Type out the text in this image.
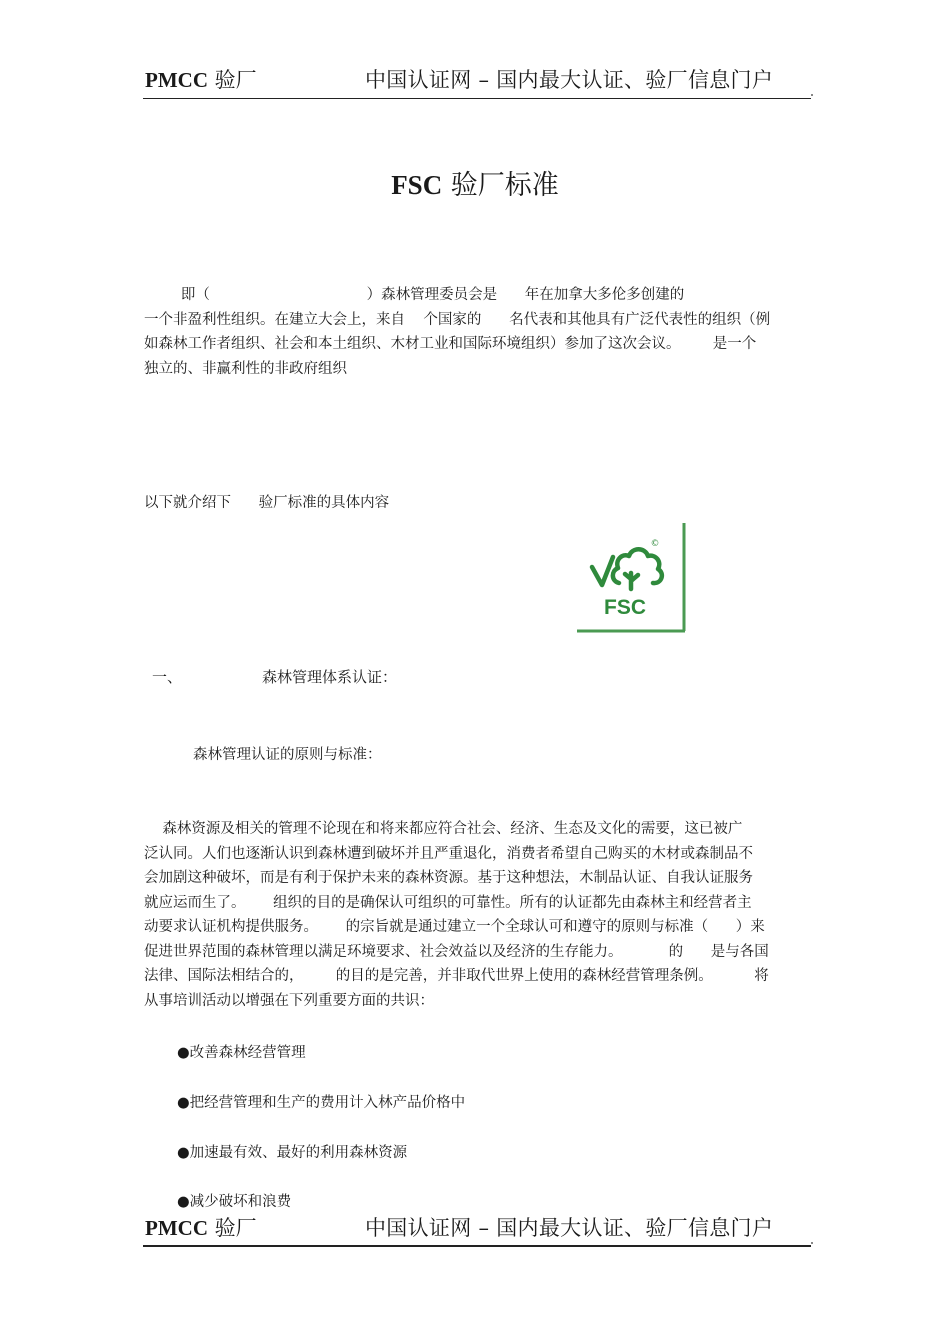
PMCC 验厂	中国认证网 – 国内最大认证、验厂信息门户
FSC 验厂标准
即（                                  ）森林管理委员会是      年在加拿大多伦多创建的
一个非盈利性组织。在建立大会上，来自    个国家的      名代表和其他具有广泛代表性的组织（例
如森林工作者组织、社会和本土组织、木材工业和国际环境组织）参加了这次会议。       是一个
独立的、非赢利性的非政府组织
以下就介绍下      验厂标准的具体内容
FSC
©
一、	森林管理体系认证：
森林管理认证的原则与标准：
森林资源及相关的管理不论现在和将来都应符合社会、经济、生态及文化的需要，这已被广
泛认同。人们也逐渐认识到森林遭到破坏并且严重退化，消费者希望自己购买的木材或森制品不
会加剧这种破坏，而是有利于保护未来的森林资源。基于这种想法，木制品认证、自我认证服务
就应运而生了。      组织的目的是确保认可组织的可靠性。所有的认证都先由森林主和经营者主
动要求认证机构提供服务。      的宗旨就是通过建立一个全球认可和遵守的原则与标准（      ）来
促进世界范围的森林管理以满足环境要求、社会效益以及经济的生存能力。          的      是与各国
法律、国际法相结合的，       的目的是完善，并非取代世界上使用的森林经营管理条例。         将
从事培训活动以增强在下列重要方面的共识：
●改善森林经营管理
●把经营管理和生产的费用计入林产品价格中
●加速最有效、最好的利用森林资源
●减少破坏和浪费
PMCC 验厂	中国认证网 – 国内最大认证、验厂信息门户
